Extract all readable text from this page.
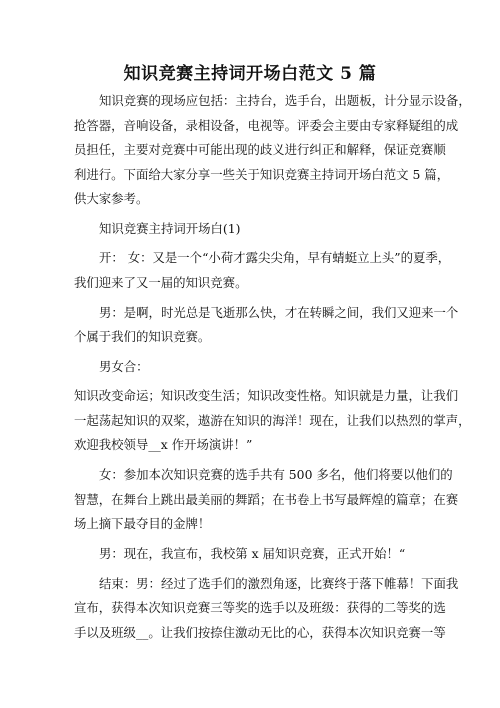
知识竞赛主持词开场白范文 5 篇
知识竞赛的现场应包括：主持台，选手台，出题板，计分显示设备，
抢答器，音响设备，录相设备，电视等。评委会主要由专家释疑组的成
员担任，主要对竞赛中可能出现的歧义进行纠正和解释，保证竞赛顺
利进行。下面给大家分享一些关于知识竞赛主持词开场白范文 5 篇，
供大家参考。
知识竞赛主持词开场白(1)
开： 女：又是一个“小荷才露尖尖角，早有蜻蜓立上头”的夏季，
我们迎来了又一届的知识竞赛。
男：是啊，时光总是飞逝那么快，才在转瞬之间，我们又迎来一个
个属于我们的知识竞赛。
男女合：
知识改变命运；知识改变生活；知识改变性格。知识就是力量，让我们
一起荡起知识的双桨，遨游在知识的海洋！现在，让我们以热烈的掌声，
欢迎我校领导__x 作开场演讲！”
女：参加本次知识竞赛的选手共有 500 多名，他们将要以他们的
智慧，在舞台上跳出最美丽的舞蹈；在书卷上书写最辉煌的篇章；在赛
场上摘下最夺目的金牌！
男：现在，我宣布，我校第 x 届知识竞赛，正式开始！“
结束：男：经过了选手们的激烈角逐，比赛终于落下帷幕！下面我
宣布，获得本次知识竞赛三等奖的选手以及班级：获得的二等奖的选
手以及班级__。让我们按捺住激动无比的心，获得本次知识竞赛一等
